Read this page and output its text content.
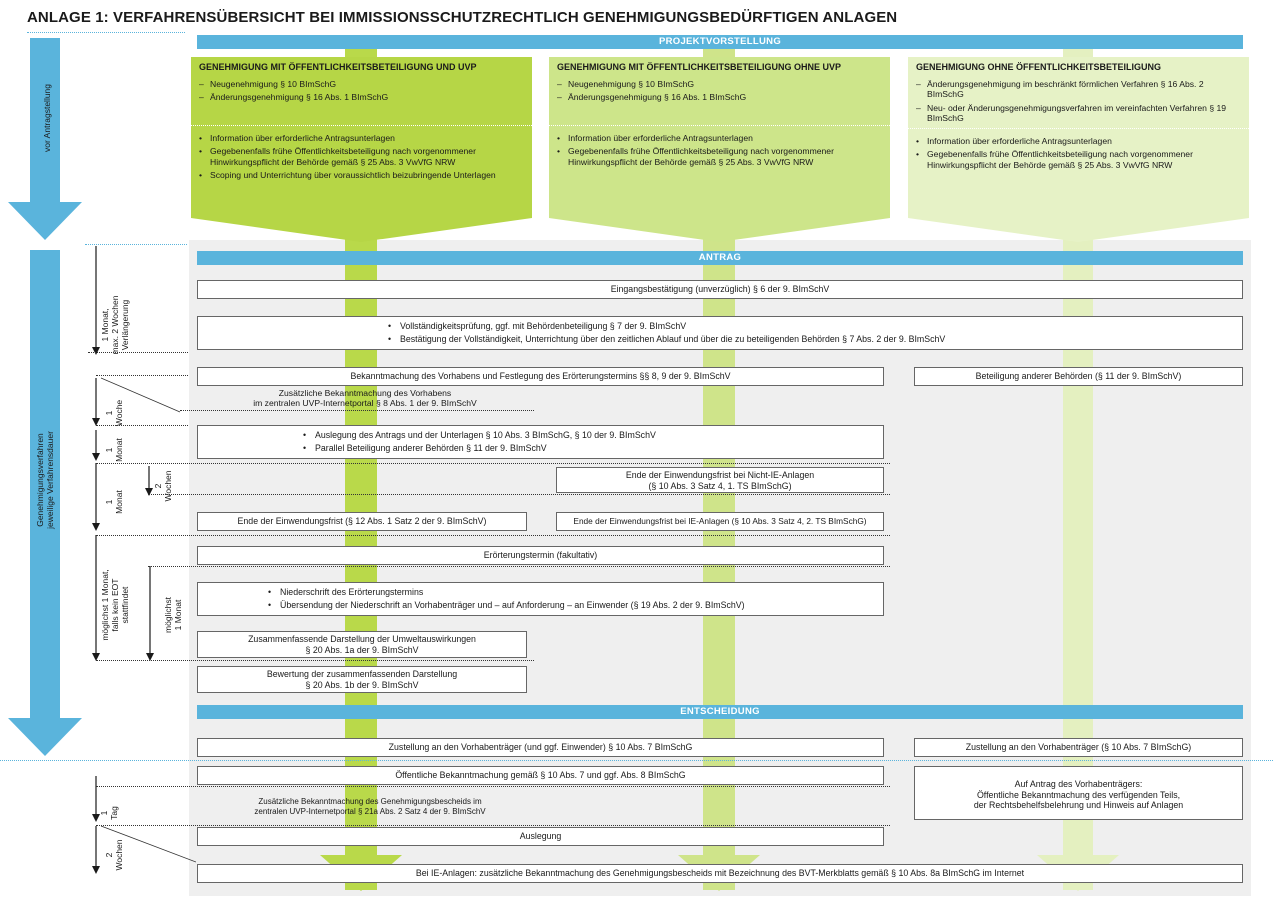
ANLAGE 1: VERFAHRENSÜBERSICHT BEI IMMISSIONSSCHUTZRECHTLICH GENEHMIGUNGSBEDÜRFTIGEN ANLAGEN
PROJEKTVORSTELLUNG
ANTRAG
ENTSCHEIDUNG
vor Antragstellung
Genehmigungsverfahren jeweilige Verfahrensdauer
GENEHMIGUNG MIT ÖFFENTLICHKEITSBETEILIGUNG UND UVP
– Neugenehmigung § 10 BImSchG
– Änderungsgenehmigung § 16 Abs. 1 BImSchG
• Information über erforderliche Antragsunterlagen
• Gegebenenfalls frühe Öffentlichkeitsbeteiligung nach vorgenommener Hinwirkungspflicht der Behörde gemäß § 25 Abs. 3 VwVfG NRW
• Scoping und Unterrichtung über voraussichtlich beizubringende Unterlagen
GENEHMIGUNG MIT ÖFFENTLICHKEITSBETEILIGUNG OHNE UVP
– Neugenehmigung § 10 BImSchG
– Änderungsgenehmigung § 16 Abs. 1 BImSchG
• Information über erforderliche Antragsunterlagen
• Gegebenenfalls frühe Öffentlichkeitsbeteiligung nach vorgenommener Hinwirkungspflicht der Behörde gemäß § 25 Abs. 3 VwVfG NRW
GENEHMIGUNG OHNE ÖFFENTLICHKEITSBETEILIGUNG
– Änderungsgenehmigung im beschränkt förmlichen Verfahren § 16 Abs. 2 BImSchG
– Neu- oder Änderungsgenehmigungsverfahren im vereinfachten Verfahren § 19 BImSchG
• Information über erforderliche Antragsunterlagen
• Gegebenenfalls frühe Öffentlichkeitsbeteiligung nach vorgenommener Hinwirkungspflicht der Behörde gemäß § 25 Abs. 3 VwVfG NRW
1 Monat, max. 2 Wochen Verlängerung
1 Woche
1 Monat
1 Monat
2 Wochen
möglichst 1 Monat, falls kein EOT stattfindet	möglichst 1 Monat
1 Tag
2 Wochen
Eingangsbestätigung (unverzüglich) § 6 der 9. BImSchV
• Vollständigkeitsprüfung, ggf. mit Behördenbeteiligung § 7 der 9. BImSchV
• Bestätigung der Vollständigkeit, Unterrichtung über den zeitlichen Ablauf und über die zu beteiligenden Behörden § 7 Abs. 2 der 9. BImSchV
Bekanntmachung des Vorhabens und Festlegung des Erörterungstermins §§ 8, 9 der 9. BImSchV	Beteiligung anderer Behörden (§ 11 der 9. BImSchV)
Zusätzliche Bekanntmachung des Vorhabens
im zentralen UVP-Internetportal § 8 Abs. 1 der 9. BImSchV
• Auslegung des Antrags und der Unterlagen § 10 Abs. 3 BImSchG, § 10 der 9. BImSchV
• Parallel Beteiligung anderer Behörden § 11 der 9. BImSchV
Ende der Einwendungsfrist bei Nicht-IE-Anlagen
(§ 10 Abs. 3 Satz 4, 1. TS BImSchG)
Ende der Einwendungsfrist (§ 12 Abs. 1 Satz 2 der 9. BImSchV)	Ende der Einwendungsfrist bei IE-Anlagen (§ 10 Abs. 3 Satz 4, 2. TS BImSchG)
Erörterungstermin (fakultativ)
• Niederschrift des Erörterungstermins
• Übersendung der Niederschrift an Vorhabenträger und – auf Anforderung – an Einwender (§ 19 Abs. 2 der 9. BImSchV)
Zusammenfassende Darstellung der Umweltauswirkungen
§ 20 Abs. 1a der 9. BImSchV
Bewertung der zusammenfassenden Darstellung
§ 20 Abs. 1b der 9. BImSchV
Zustellung an den Vorhabenträger (und ggf. Einwender) § 10 Abs. 7 BImSchG	Zustellung an den Vorhabenträger (§ 10 Abs. 7 BImSchG)
Öffentliche Bekanntmachung gemäß § 10 Abs. 7 und ggf. Abs. 8 BImSchG
Auf Antrag des Vorhabenträgers:
Öffentliche Bekanntmachung des verfügenden Teils,
der Rechtsbehelfsbelehrung und Hinweis auf Anlagen
Zusätzliche Bekanntmachung des Genehmigungsbescheids im
zentralen UVP-Internetportal § 21a Abs. 2 Satz 4 der 9. BImSchV
Auslegung
Bei IE-Anlagen: zusätzliche Bekanntmachung des Genehmigungsbescheids mit Bezeichnung des BVT-Merkblatts gemäß § 10 Abs. 8a BImSchG im Internet
